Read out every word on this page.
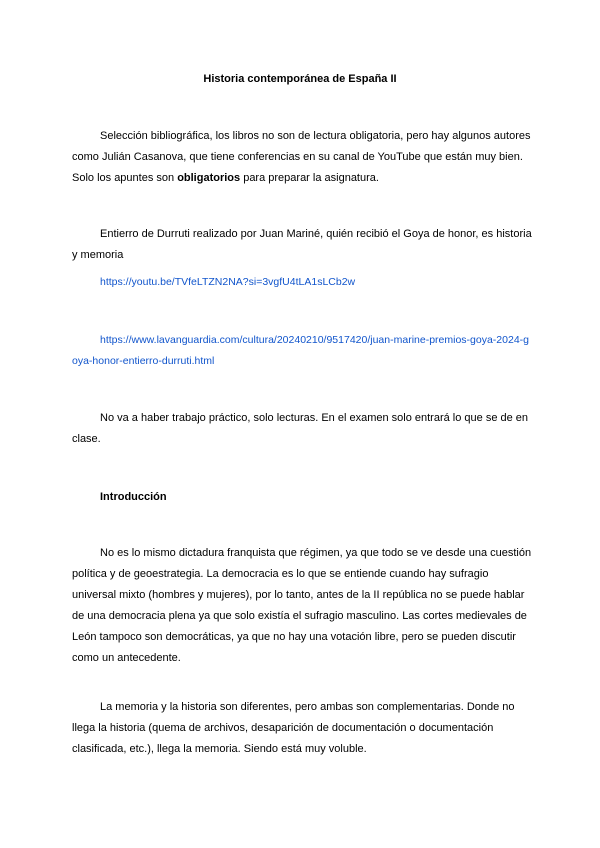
Historia contemporánea de España II

Selección bibliográfica, los libros no son de lectura obligatoria, pero hay algunos autores como Julián Casanova, que tiene conferencias en su canal de YouTube que están muy bien. Solo los apuntes son obligatorios para preparar la asignatura.

Entierro de Durruti realizado por Juan Mariné, quién recibió el Goya de honor, es historia y memoria

https://youtu.be/TVfeLTZN2NA?si=3vgfU4tLA1sLCb2w
https://www.lavanguardia.com/cultura/20240210/9517420/juan-marine-premios-goya-2024-goya-honor-entierro-durruti.html

No va a haber trabajo práctico, solo lecturas. En el examen solo entrará lo que se de en clase.

Introducción

No es lo mismo dictadura franquista que régimen, ya que todo se ve desde una cuestión política y de geoestrategia. La democracia es lo que se entiende cuando hay sufragio universal mixto (hombres y mujeres), por lo tanto, antes de la II república no se puede hablar de una democracia plena ya que solo existía el sufragio masculino. Las cortes medievales de León tampoco son democráticas, ya que no hay una votación libre, pero se pueden discutir como un antecedente.

La memoria y la historia son diferentes, pero ambas son complementarias. Donde no llega la historia (quema de archivos, desaparición de documentación o documentación clasificada, etc.), llega la memoria. Siendo está muy voluble.
